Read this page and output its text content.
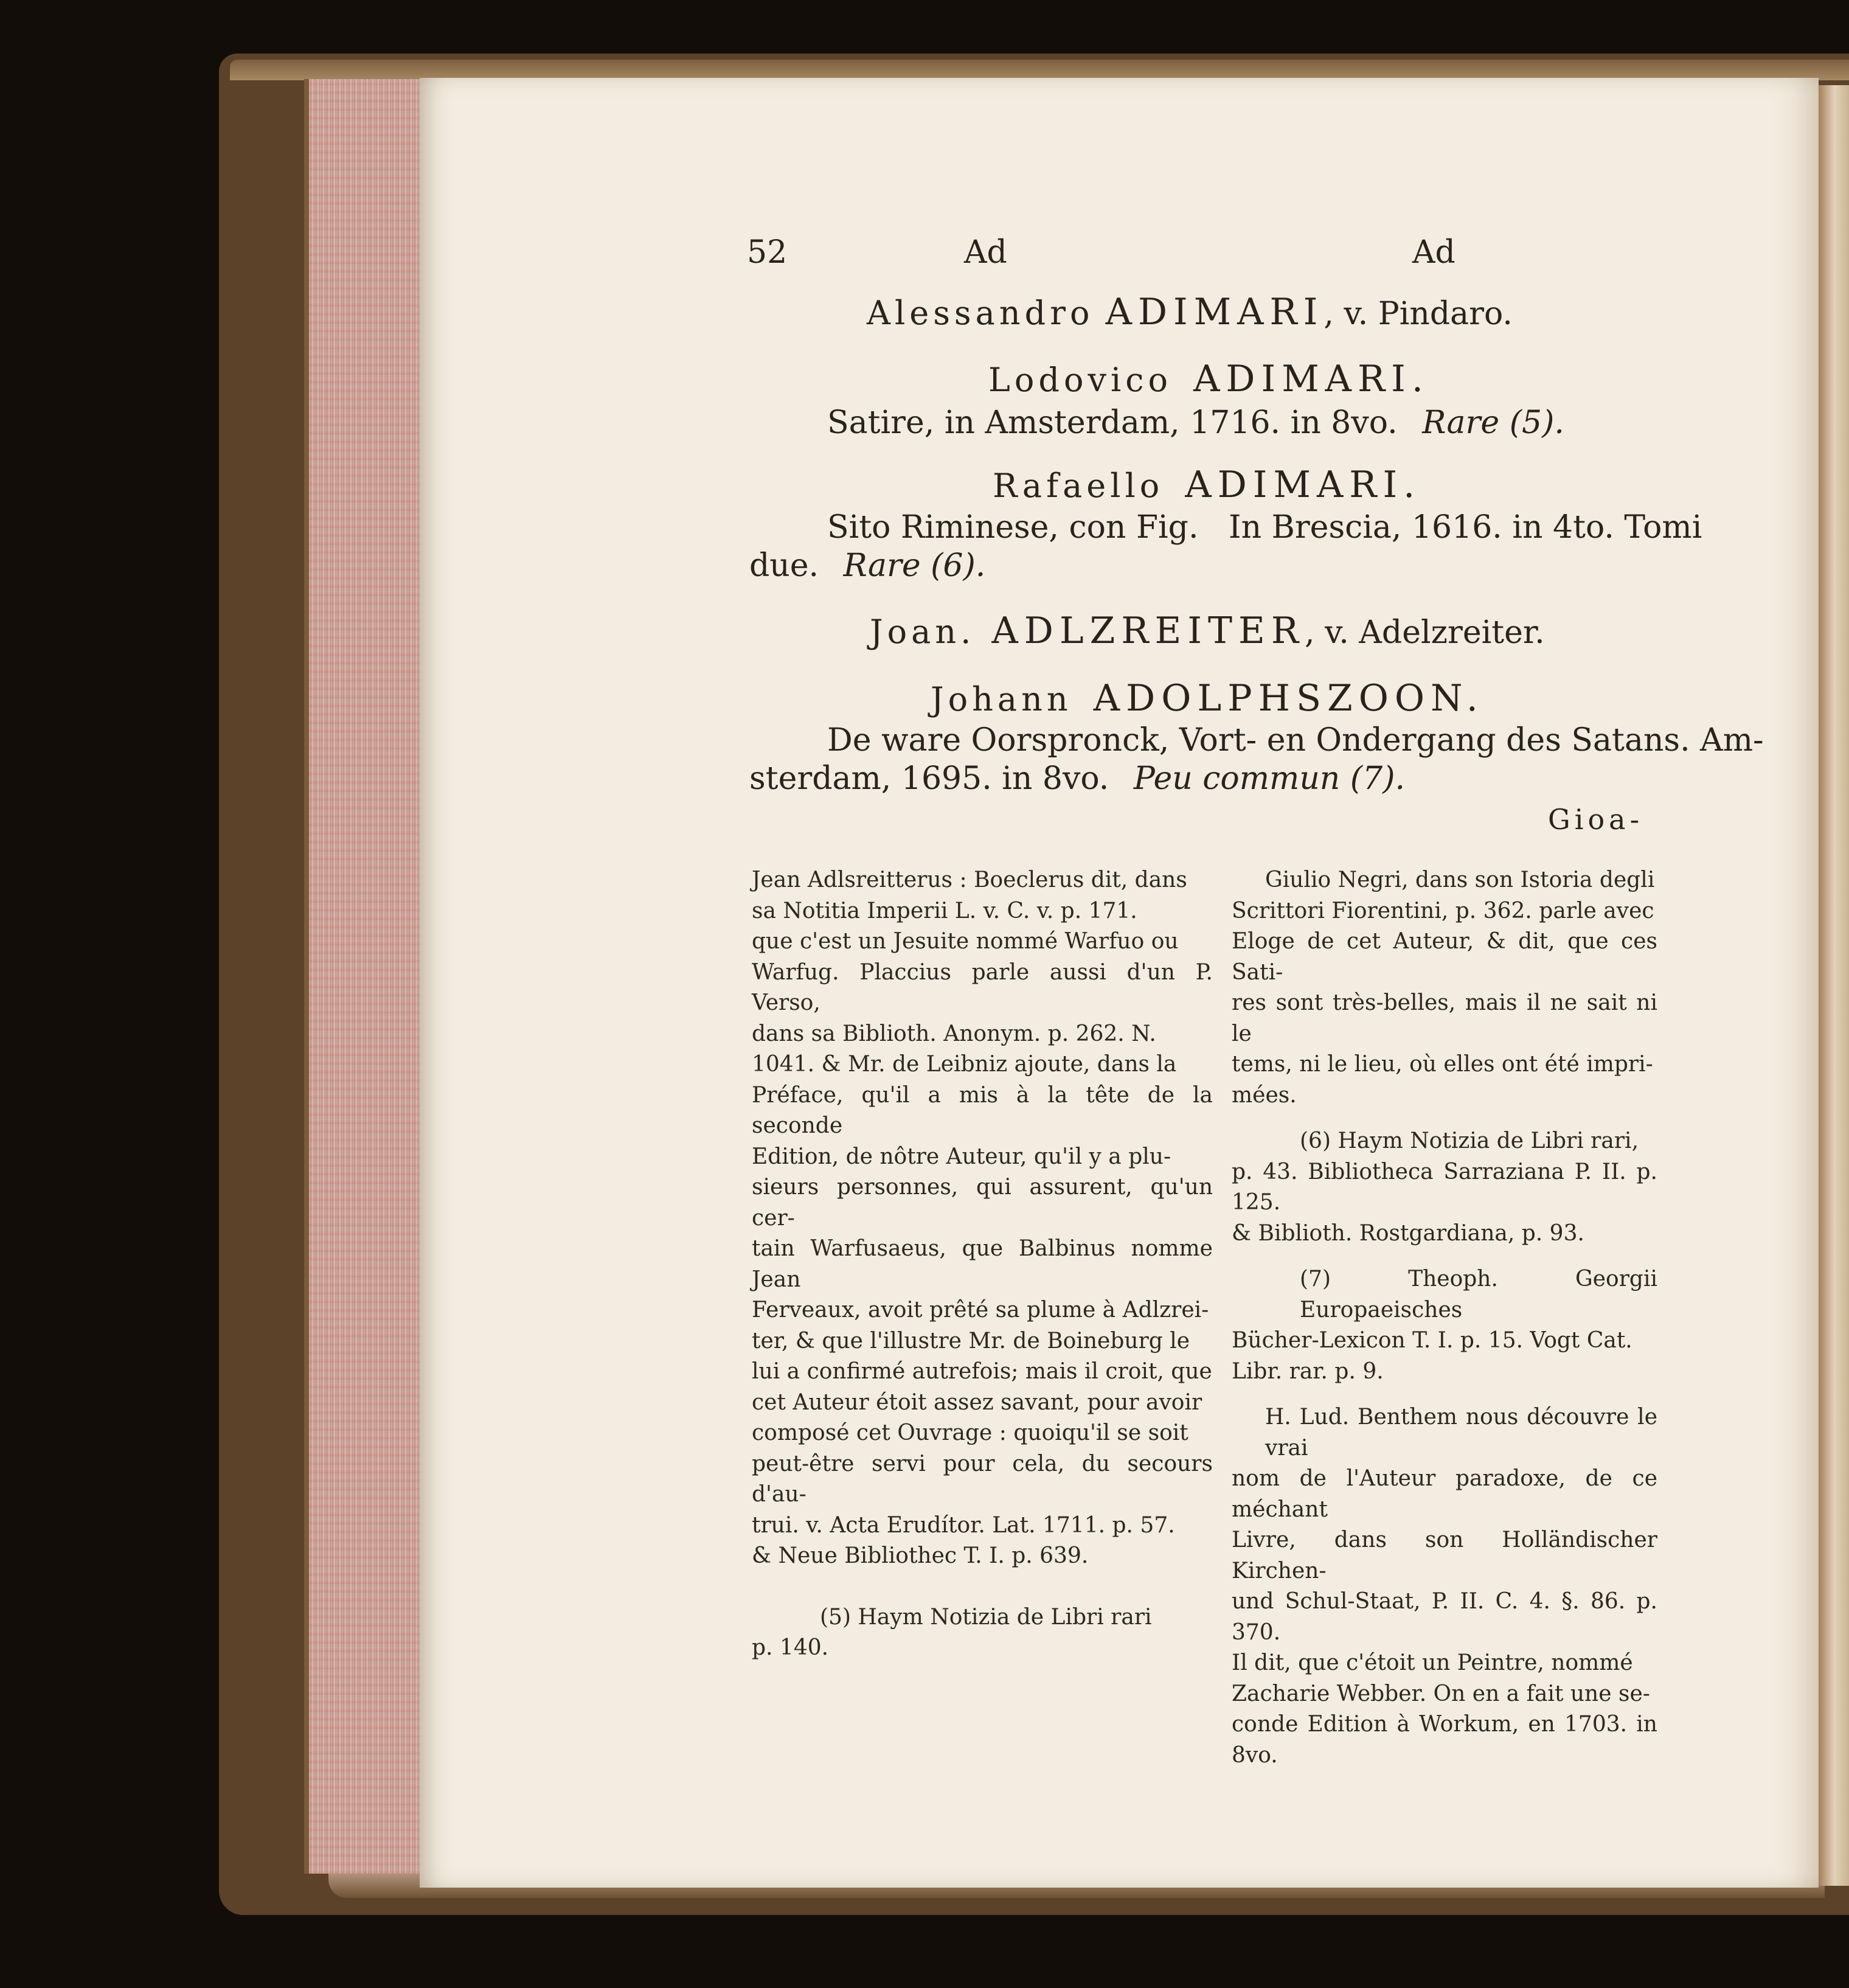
52	Ad	Ad
Alessandro ADIMARI, v. Pindaro.
Lodovico ADIMARI.
Satire, in Amsterdam, 1716. in 8vo. Rare (5).
Rafaello ADIMARI.
Sito Riminese, con Fig.   In Brescia, 1616. in 4to. Tomi
due. Rare (6).
Joan. ADLZREITER, v. Adelzreiter.
Johann ADOLPHSZOON.
De ware Oorspronck, Vort- en Ondergang des Satans. Am-
sterdam, 1695. in 8vo. Peu commun (7).
Gioa-

Jean Adlsreitterus : Boeclerus dit, dans

sa Notitia Imperii L. v. C. v. p. 171.

que c'est un Jesuite nommé Warfuo ou

Warfug. Placcius parle aussi d'un P. Verso,

dans sa Biblioth. Anonym. p. 262. N.

1041. & Mr. de Leibniz ajoute, dans la

Préface, qu'il a mis à la tête de la seconde

Edition, de nôtre Auteur, qu'il y a plu-

sieurs personnes, qui assurent, qu'un cer-

tain Warfusaeus, que Balbinus nomme Jean

Ferveaux, avoit prêté sa plume à Adlzrei-

ter, & que l'illustre Mr. de Boineburg le

lui a confirmé autrefois; mais il croit, que

cet Auteur étoit assez savant, pour avoir

composé cet Ouvrage : quoiqu'il se soit

peut-être servi pour cela, du secours d'au-

trui. v. Acta Erudítor. Lat. 1711. p. 57.

& Neue Bibliothec T. I. p. 639.

(5) Haym Notizia de Libri rari

p. 140.

Giulio Negri, dans son Istoria degli

Scrittori Fiorentini, p. 362. parle avec

Eloge de cet Auteur, & dit, que ces Sati-

res sont très-belles, mais il ne sait ni le

tems, ni le lieu, où elles ont été impri-

mées.

(6) Haym Notizia de Libri rari,

p. 43. Bibliotheca Sarraziana P. II. p. 125.

& Biblioth. Rostgardiana, p. 93.

(7) Theoph. Georgii Europaeisches

Bücher-Lexicon T. I. p. 15. Vogt Cat.

Libr. rar. p. 9.

H. Lud. Benthem nous découvre le vrai

nom de l'Auteur paradoxe, de ce méchant

Livre, dans son Holländischer Kirchen-

und Schul-Staat, P. II. C. 4. §. 86. p. 370.

Il dit, que c'étoit un Peintre, nommé

Zacharie Webber. On en a fait une se-

conde Edition à Workum, en 1703. in 8vo.
